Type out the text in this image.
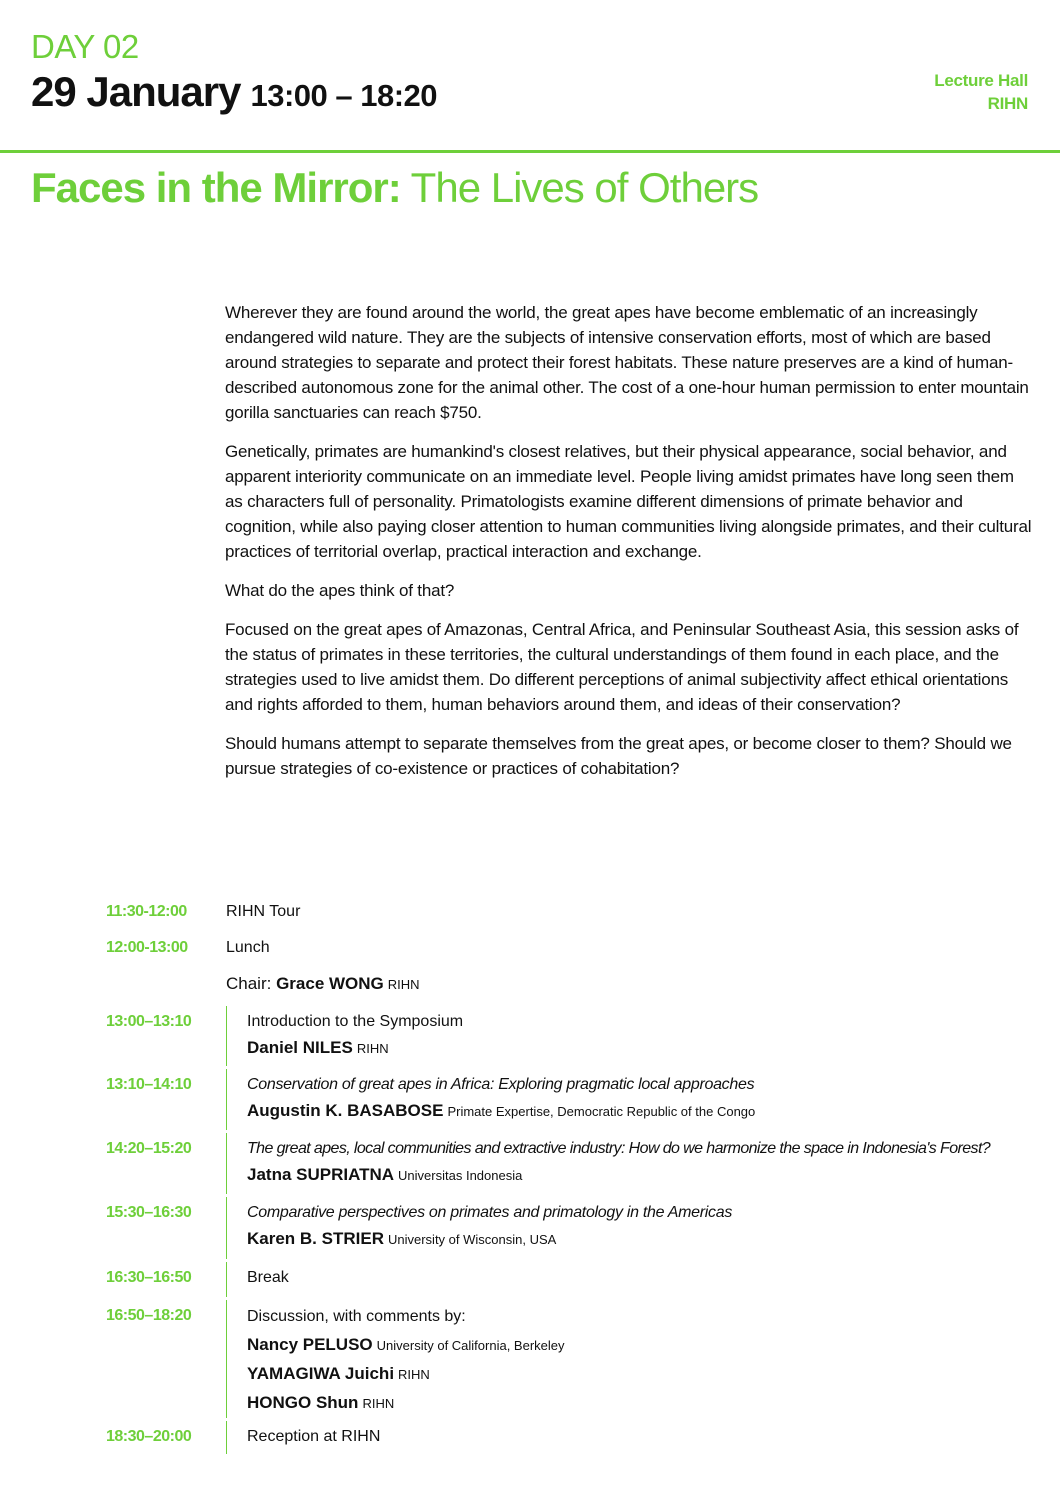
DAY 02
29 January 13:00 – 18:20	Lecture Hall
RIHN
Faces in the Mirror: The Lives of Others

Wherever they are found around the world, the great apes have become emblematic of an increasingly endangered wild nature. They are the subjects of intensive conservation efforts, most of which are based around strategies to separate and protect their forest habitats. These nature preserves are a kind of human-described autonomous zone for the animal other. The cost of a one-hour human permission to enter mountain gorilla sanctuaries can reach $750.

Genetically, primates are humankind's closest relatives, but their physical appearance, social behavior, and apparent interiority communicate on an immediate level. People living amidst primates have long seen them as characters full of personality. Primatologists examine different dimensions of primate behavior and cognition, while also paying closer attention to human communities living alongside primates, and their cultural practices of territorial overlap, practical interaction and exchange.

What do the apes think of that?

Focused on the great apes of Amazonas, Central Africa, and Peninsular Southeast Asia, this session asks of the status of primates in these territories, the cultural understandings of them found in each place, and the strategies used to live amidst them. Do different perceptions of animal subjectivity affect ethical orientations and rights afforded to them, human behaviors around them, and ideas of their conservation?

Should humans attempt to separate themselves from the great apes, or become closer to them? Should we pursue strategies of co-existence or practices of cohabitation?

11:30-12:00	RIHN Tour
12:00-13:00	Lunch
Chair: Grace WONG RIHN
13:00–13:10	Introduction to the Symposium
Daniel NILES RIHN
13:10–14:10	Conservation of great apes in Africa: Exploring pragmatic local approaches
Augustin K. BASABOSE Primate Expertise, Democratic Republic of the Congo
14:20–15:20	The great apes, local communities and extractive industry: How do we harmonize the space in Indonesia's Forest?
Jatna SUPRIATNA Universitas Indonesia
15:30–16:30	Comparative perspectives on primates and primatology in the Americas
Karen B. STRIER University of Wisconsin, USA
16:30–16:50	Break
16:50–18:20	Discussion, with comments by:
Nancy PELUSO University of California, Berkeley
YAMAGIWA Juichi RIHN
HONGO Shun RIHN
18:30–20:00	Reception at RIHN
